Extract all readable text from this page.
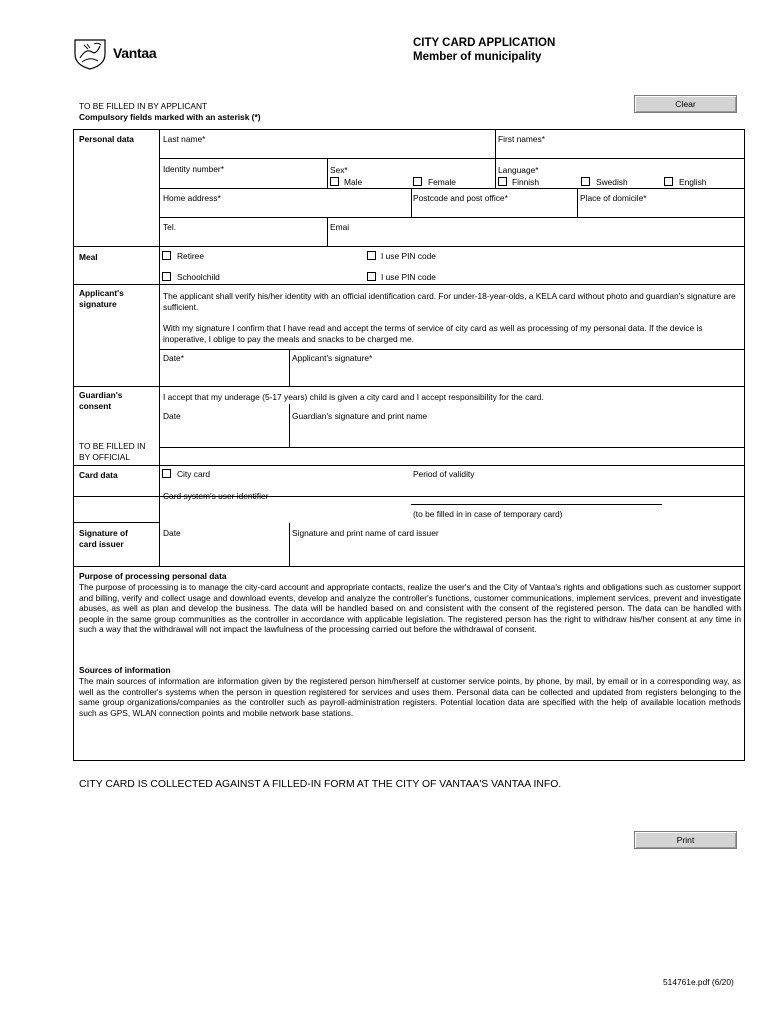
Vantaa
CITY CARD APPLICATION
Member of municipality
TO BE FILLED IN BY APPLICANT
Compulsory fields marked with an asterisk (*)
Clear
Personal data	Last name*	First names*
Identity number*	Sex*
Male	Female
Language*
Finnish	Swedish	English
Home address*	Postcode and post office*	Place of domicile*
Tel.	Emai
Meal	Retiree	I use PIN code
Schoolchild	I use PIN code
Applicant's
signature
The applicant shall verify his/her identity with an official identification card. For under-18-year-olds, a KELA card without photo and guardian's signature are sufficient.
With my signature I confirm that I have read and accept the terms of service of city card as well as processing of my personal data. If the device is inoperative, I oblige to pay the meals and snacks to be charged me.
Date*	Applicant's signature*
Guardian's
consent
I accept that my underage (5-17 years) child is given a city card and I accept responsibility for the card.
Date	Guardian's signature and print name
TO BE FILLED IN
BY OFFICIAL
Card data	City card	Period of validity
Card system's user identifier
(to be filled in in case of temporary card)
Signature of
card issuer
Date	Signature and print name of card issuer
Purpose of processing personal data
The purpose of processing is to manage the city-card account and appropriate contacts, realize the user's and the City of Vantaa's rights and obligations such as customer support and billing, verify and collect usage and download events, develop and analyze the controller's functions, customer communications, implement services, prevent and investigate abuses, as well as plan and develop the business. The data will be handled based on and consistent with the consent of the registered person. The data can be handled with people in the same group communities as the controller in accordance with applicable legislation. The registered person has the right to withdraw his/her consent at any time in such a way that the withdrawal will not impact the lawfulness of the processing carried out before the withdrawal of consent.
Sources of information
The main sources of information are information given by the registered person him/herself at customer service points, by phone, by mail, by email or in a corresponding way, as well as the controller's systems when the person in question registered for services and uses them. Personal data can be collected and updated from registers belonging to the same group organizations/companies as the controller such as payroll-administration registers. Potential location data are specified with the help of available location methods such as GPS, WLAN connection points and mobile network base stations.
CITY CARD IS COLLECTED AGAINST A FILLED-IN FORM AT THE CITY OF VANTAA'S VANTAA INFO.
Print
514761e.pdf (6/20)
